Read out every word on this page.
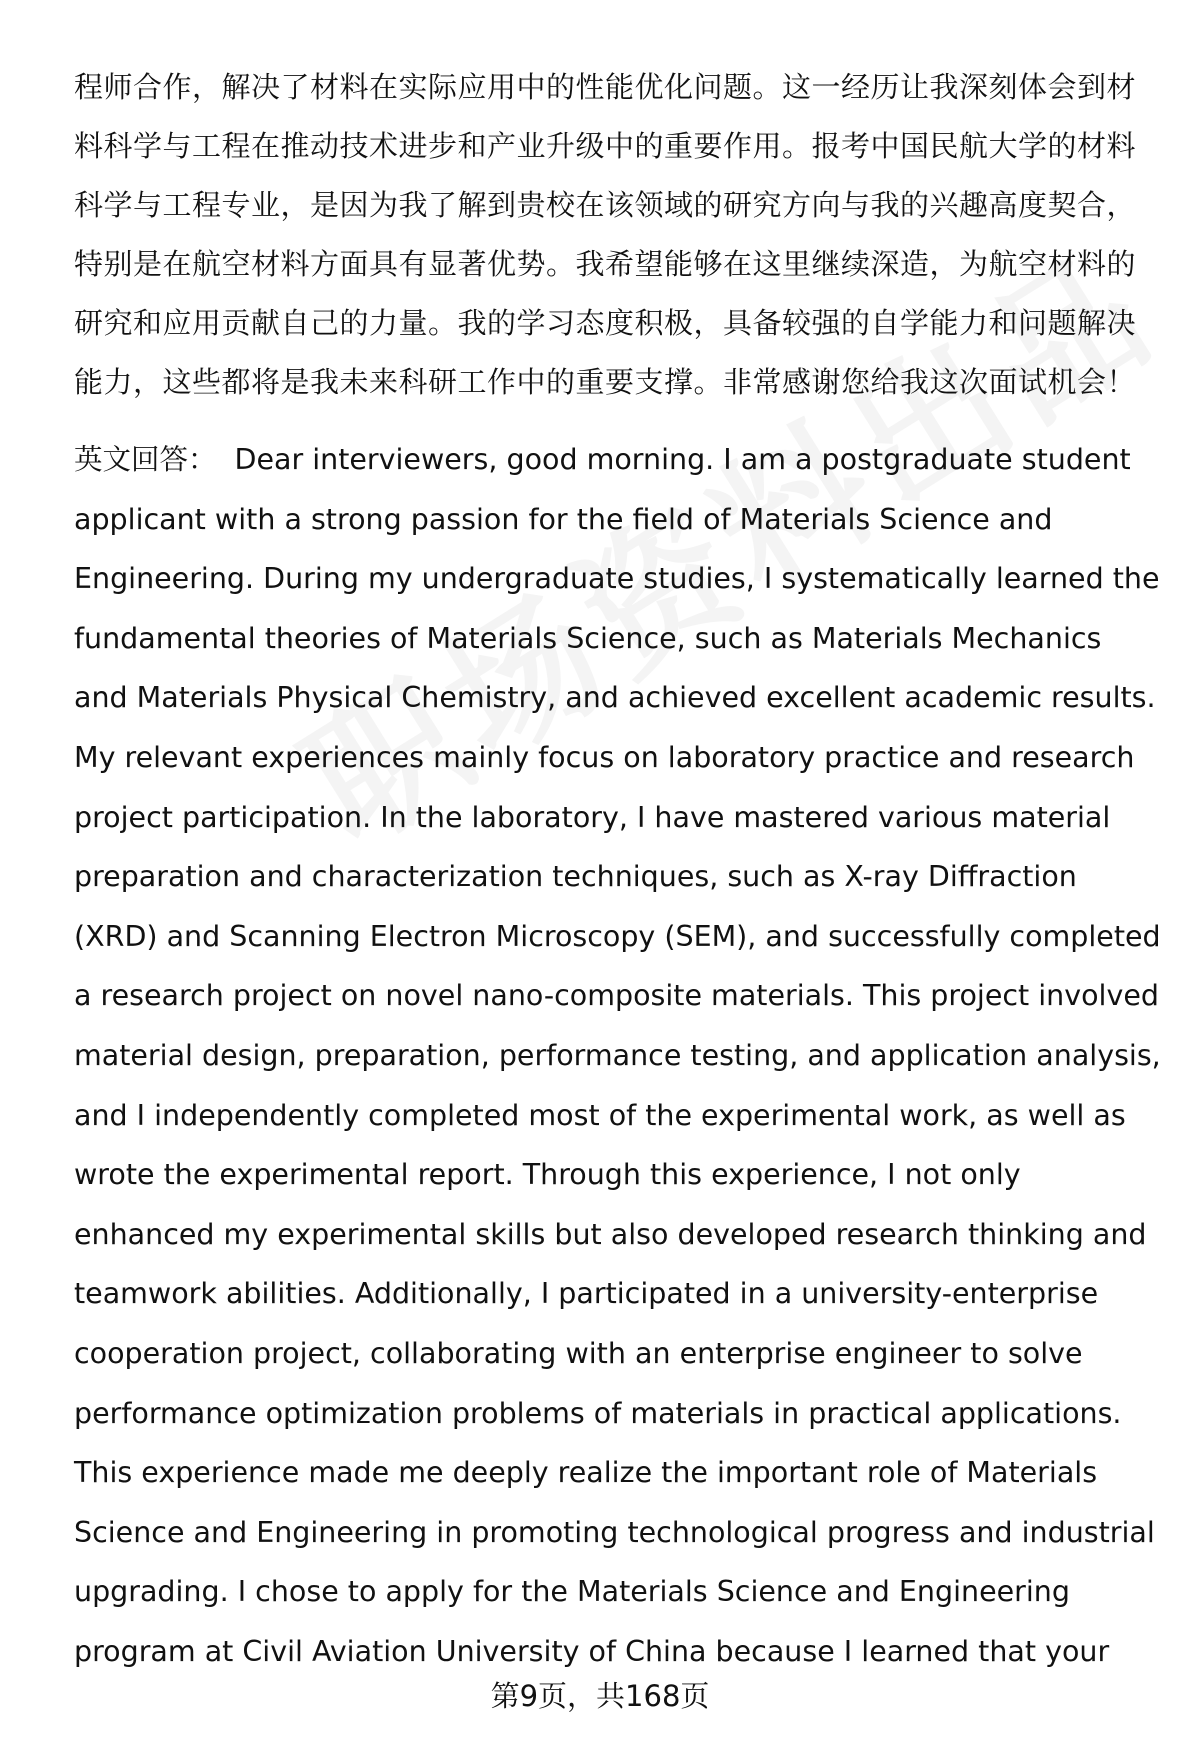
程师合作，解决了材料在实际应用中的性能优化问题。这一经历让我深刻体会到材料科学与工程在推动技术进步和产业升级中的重要作用。报考中国民航大学的材料科学与工程专业，是因为我了解到贵校在该领域的研究方向与我的兴趣高度契合，特别是在航空材料方面具有显著优势。我希望能够在这里继续深造，为航空材料的研究和应用贡献自己的力量。我的学习态度积极，具备较强的自学能力和问题解决能力，这些都将是我未来科研工作中的重要支撑。非常感谢您给我这次面试机会！

英文回答： Dear interviewers, good morning. I am a postgraduate student applicant with a strong passion for the field of Materials Science and Engineering. During my undergraduate studies, I systematically learned the fundamental theories of Materials Science, such as Materials Mechanics and Materials Physical Chemistry, and achieved excellent academic results. My relevant experiences mainly focus on laboratory practice and research project participation. In the laboratory, I have mastered various material preparation and characterization techniques, such as X-ray Diffraction (XRD) and Scanning Electron Microscopy (SEM), and successfully completed a research project on novel nano-composite materials. This project involved material design, preparation, performance testing, and application analysis, and I independently completed most of the experimental work, as well as wrote the experimental report. Through this experience, I not only enhanced my experimental skills but also developed research thinking and teamwork abilities. Additionally, I participated in a university-enterprise cooperation project, collaborating with an enterprise engineer to solve performance optimization problems of materials in practical applications. This experience made me deeply realize the important role of Materials Science and Engineering in promoting technological progress and industrial upgrading. I chose to apply for the Materials Science and Engineering program at Civil Aviation University of China because I learned that your

第9页，共168页
